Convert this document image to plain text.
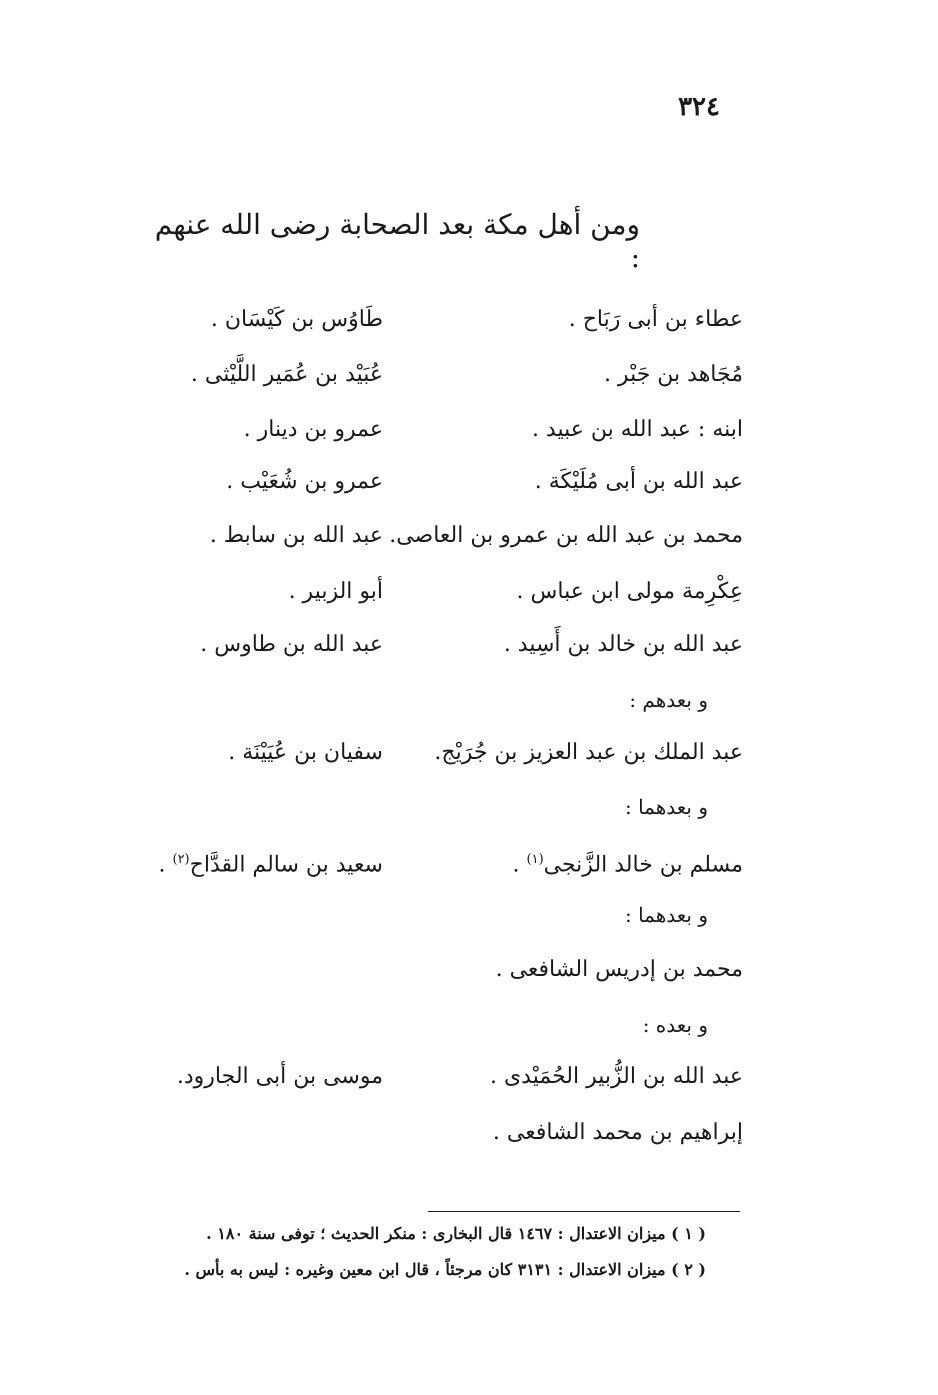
٣٢٤
ومن أهل مكة بعد الصحابة رضى الله عنهم :
عطاء بن أبى رَبَاح .
طَاوُس بن كَيْسَان .
مُجَاهد بن جَبْر .
عُبَيْد بن عُمَير اللَّيْثى .
ابنه : عبد الله بن عبيد .
عمرو بن دينار .
عبد الله بن أبى مُلَيْكَة .
عمرو بن شُعَيْب .
محمد بن عبد الله بن عمرو بن العاصى.
عبد الله بن سابط .
عِكْرِمة مولى ابن عباس .
أبو الزبير .
عبد الله بن خالد بن أَسِيد .
عبد الله بن طاوس .
و بعدهم :
عبد الملك بن عبد العزيز بن جُرَيْج.
سفيان بن عُيَيْنَة .
و بعدهما :
مسلم بن خالد الزَّنجى$^{(١)}$ .
سعيد بن سالم القدَّاح$^{(٢)}$ .
و بعدهما :
محمد بن إدريس الشافعى .
و بعده :
عبد الله بن الزُّبير الحُمَيْدى .
موسى بن أبى الجارود.
إبراهيم بن محمد الشافعى .
( ١ ) ميزان الاعتدال : ١٤٦٧ قال البخارى : منكر الحديث ؛ توفى سنة ١٨٠ .
( ٢ ) ميزان الاعتدال : ٣١٣١ كان مرجئاً ، قال ابن معين وغيره : ليس به بأس .
